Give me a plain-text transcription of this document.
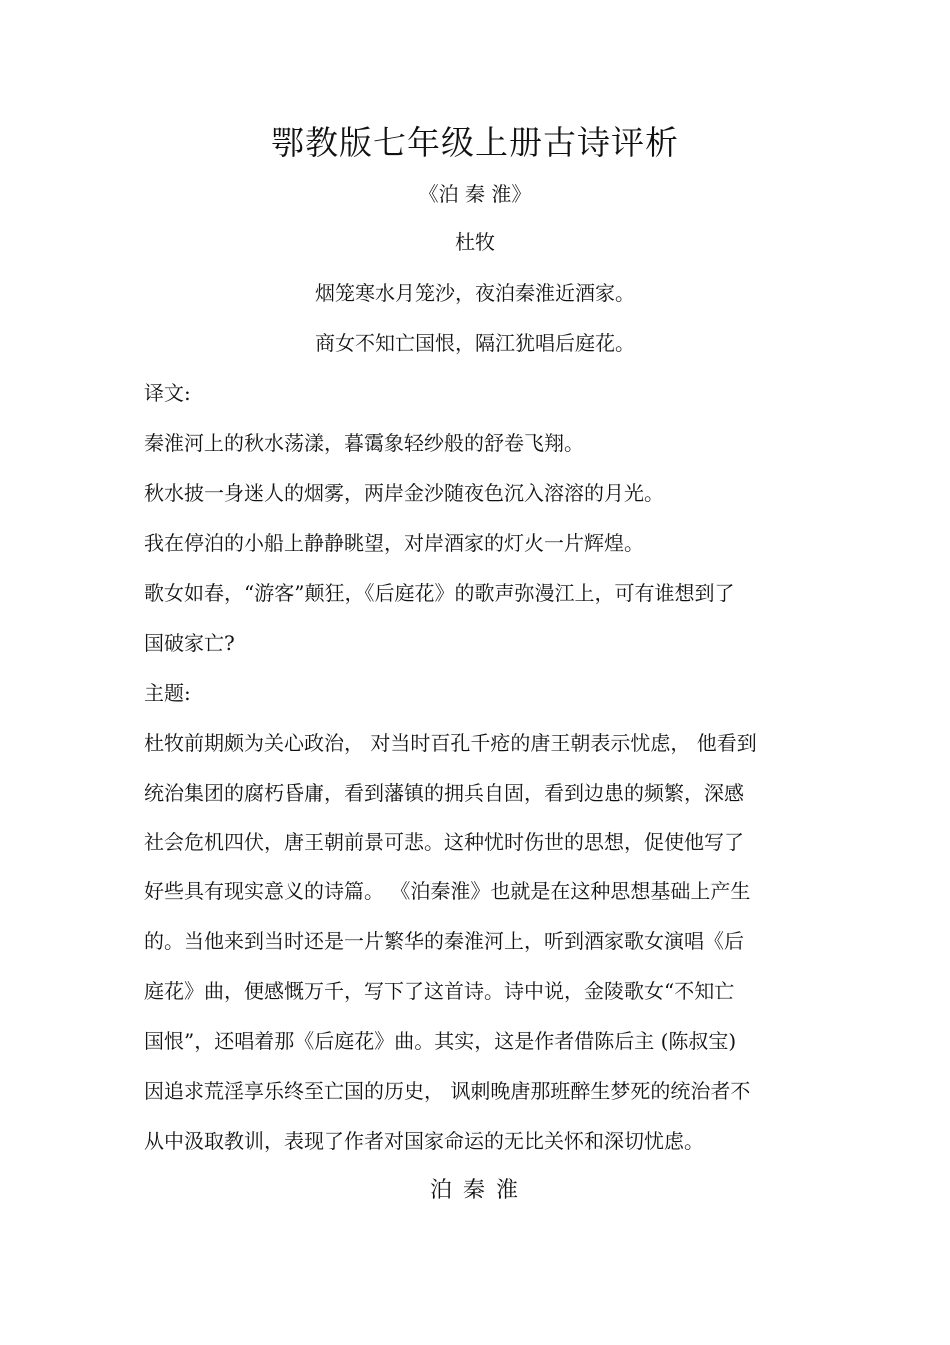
鄂教版七年级上册古诗评析
《泊 秦 淮》
杜牧
烟笼寒水月笼沙，夜泊秦淮近酒家。
商女不知亡国恨，隔江犹唱后庭花。
译文:
秦淮河上的秋水荡漾，暮霭象轻纱般的舒卷飞翔。
秋水披一身迷人的烟雾，两岸金沙随夜色沉入溶溶的月光。
我在停泊的小船上静静眺望，对岸酒家的灯火一片辉煌。
歌女如春，“游客”颠狂，《后庭花》的歌声弥漫江上，可有谁想到了
国破家亡?
主题:
杜牧前期颇为关心政治， 对当时百孔千疮的唐王朝表示忧虑， 他看到
统治集团的腐朽昏庸，看到藩镇的拥兵自固，看到边患的频繁，深感
社会危机四伏，唐王朝前景可悲。这种忧时伤世的思想，促使他写了
好些具有现实意义的诗篇。 《泊秦淮》也就是在这种思想基础上产生
的。当他来到当时还是一片繁华的秦淮河上，听到酒家歌女演唱《后
庭花》曲，便感慨万千，写下了这首诗。诗中说，金陵歌女“不知亡
国恨”，还唱着那《后庭花》曲。其实，这是作者借陈后主 (陈叔宝)
因追求荒淫享乐终至亡国的历史， 讽刺晚唐那班醉生梦死的统治者不
从中汲取教训，表现了作者对国家命运的无比关怀和深切忧虑。
泊 秦 淮
